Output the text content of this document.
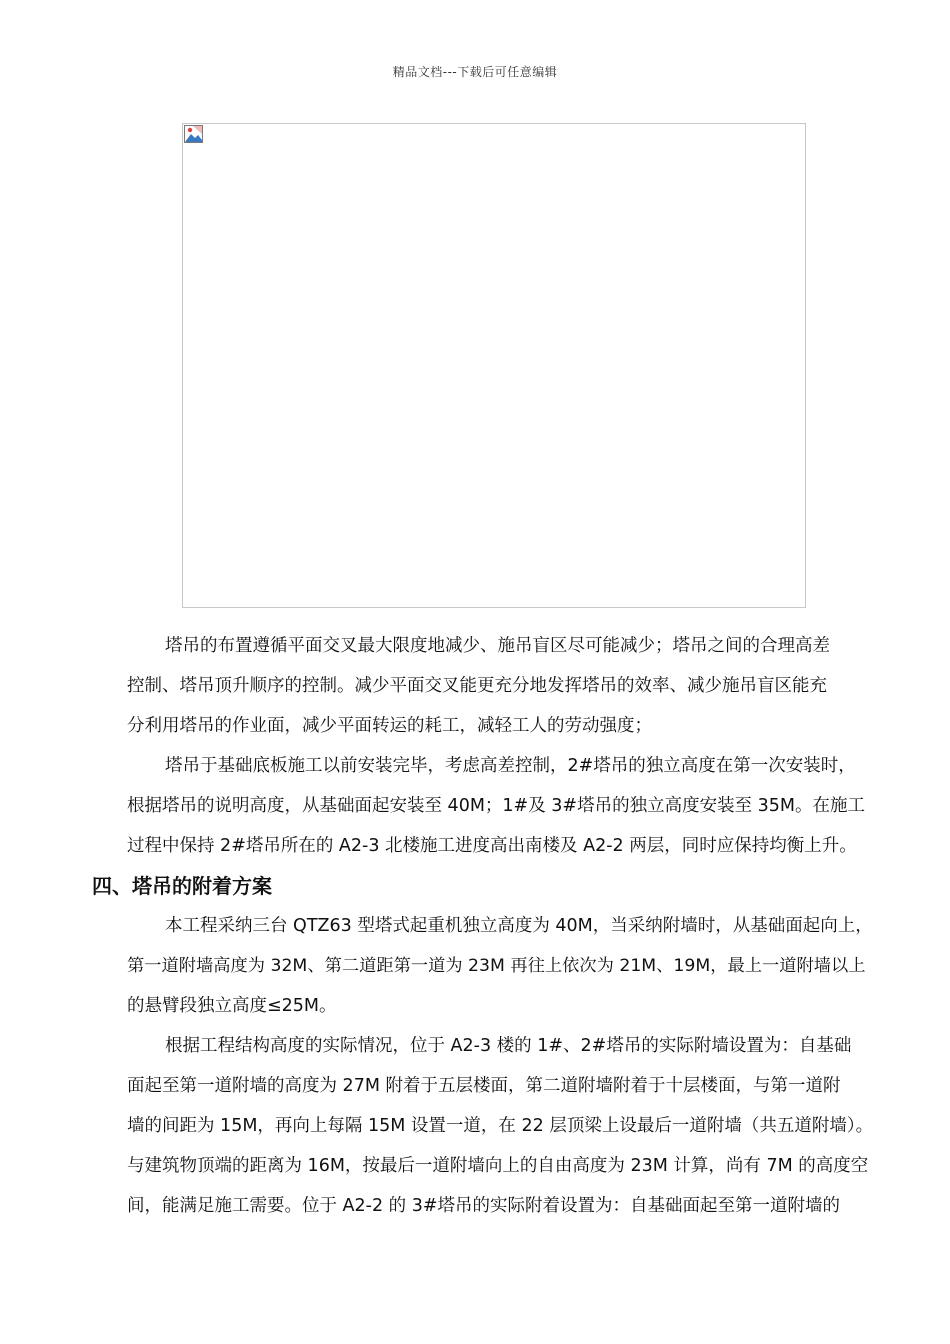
精品文档---下载后可任意编辑
塔吊的布置遵循平面交叉最大限度地减少、施吊盲区尽可能减少；塔吊之间的合理高差
控制、塔吊顶升顺序的控制。减少平面交叉能更充分地发挥塔吊的效率、减少施吊盲区能充
分利用塔吊的作业面，减少平面转运的耗工，减轻工人的劳动强度；
塔吊于基础底板施工以前安装完毕，考虑高差控制，2#塔吊的独立高度在第一次安装时，
根据塔吊的说明高度，从基础面起安装至 40M；1#及 3#塔吊的独立高度安装至 35M。在施工
过程中保持 2#塔吊所在的 A2-3 北楼施工进度高出南楼及 A2-2 两层，同时应保持均衡上升。
四、塔吊的附着方案
本工程采纳三台 QTZ63 型塔式起重机独立高度为 40M，当采纳附墙时，从基础面起向上，
第一道附墙高度为 32M、第二道距第一道为 23M 再往上依次为 21M、19M，最上一道附墙以上
的悬臂段独立高度≤25M。
根据工程结构高度的实际情况，位于 A2-3 楼的 1#、2#塔吊的实际附墙设置为：自基础
面起至第一道附墙的高度为 27M 附着于五层楼面，第二道附墙附着于十层楼面，与第一道附
墙的间距为 15M，再向上每隔 15M 设置一道，在 22 层顶梁上设最后一道附墙（共五道附墙）。
与建筑物顶端的距离为 16M，按最后一道附墙向上的自由高度为 23M 计算，尚有 7M 的高度空
间，能满足施工需要。位于 A2-2 的 3#塔吊的实际附着设置为：自基础面起至第一道附墙的
